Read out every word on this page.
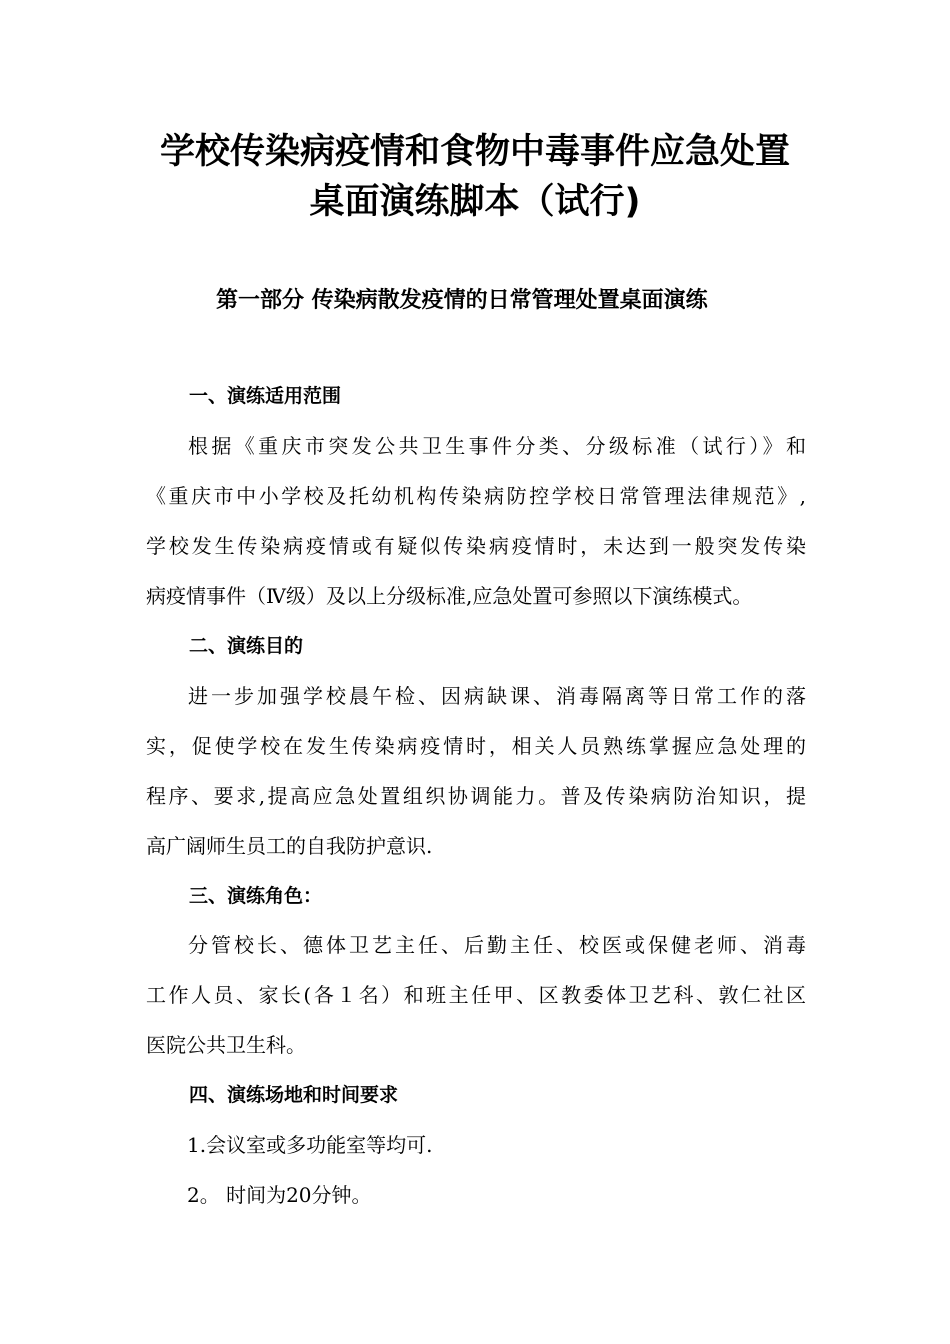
学校传染病疫情和食物中毒事件应急处置
桌面演练脚本（试行)
第一部分 传染病散发疫情的日常管理处置桌面演练
一、演练适用范围
根据《重庆市突发公共卫生事件分类、分级标准（试行）》和
《重庆市中小学校及托幼机构传染病防控学校日常管理法律规范》,
学校发生传染病疫情或有疑似传染病疫情时，未达到一般突发传染
病疫情事件（Ⅳ级）及以上分级标准,应急处置可参照以下演练模式。
二、演练目的
进一步加强学校晨午检、因病缺课、消毒隔离等日常工作的落
实，促使学校在发生传染病疫情时，相关人员熟练掌握应急处理的
程序、要求,提高应急处置组织协调能力。普及传染病防治知识，提
高广阔师生员工的自我防护意识.
三、演练角色：
分管校长、德体卫艺主任、后勤主任、校医或保健老师、消毒
工作人员、家长(各１名）和班主任甲、区教委体卫艺科、敦仁社区
医院公共卫生科。
四、演练场地和时间要求

1.会议室或多功能室等均可.

2。 时间为20分钟。
